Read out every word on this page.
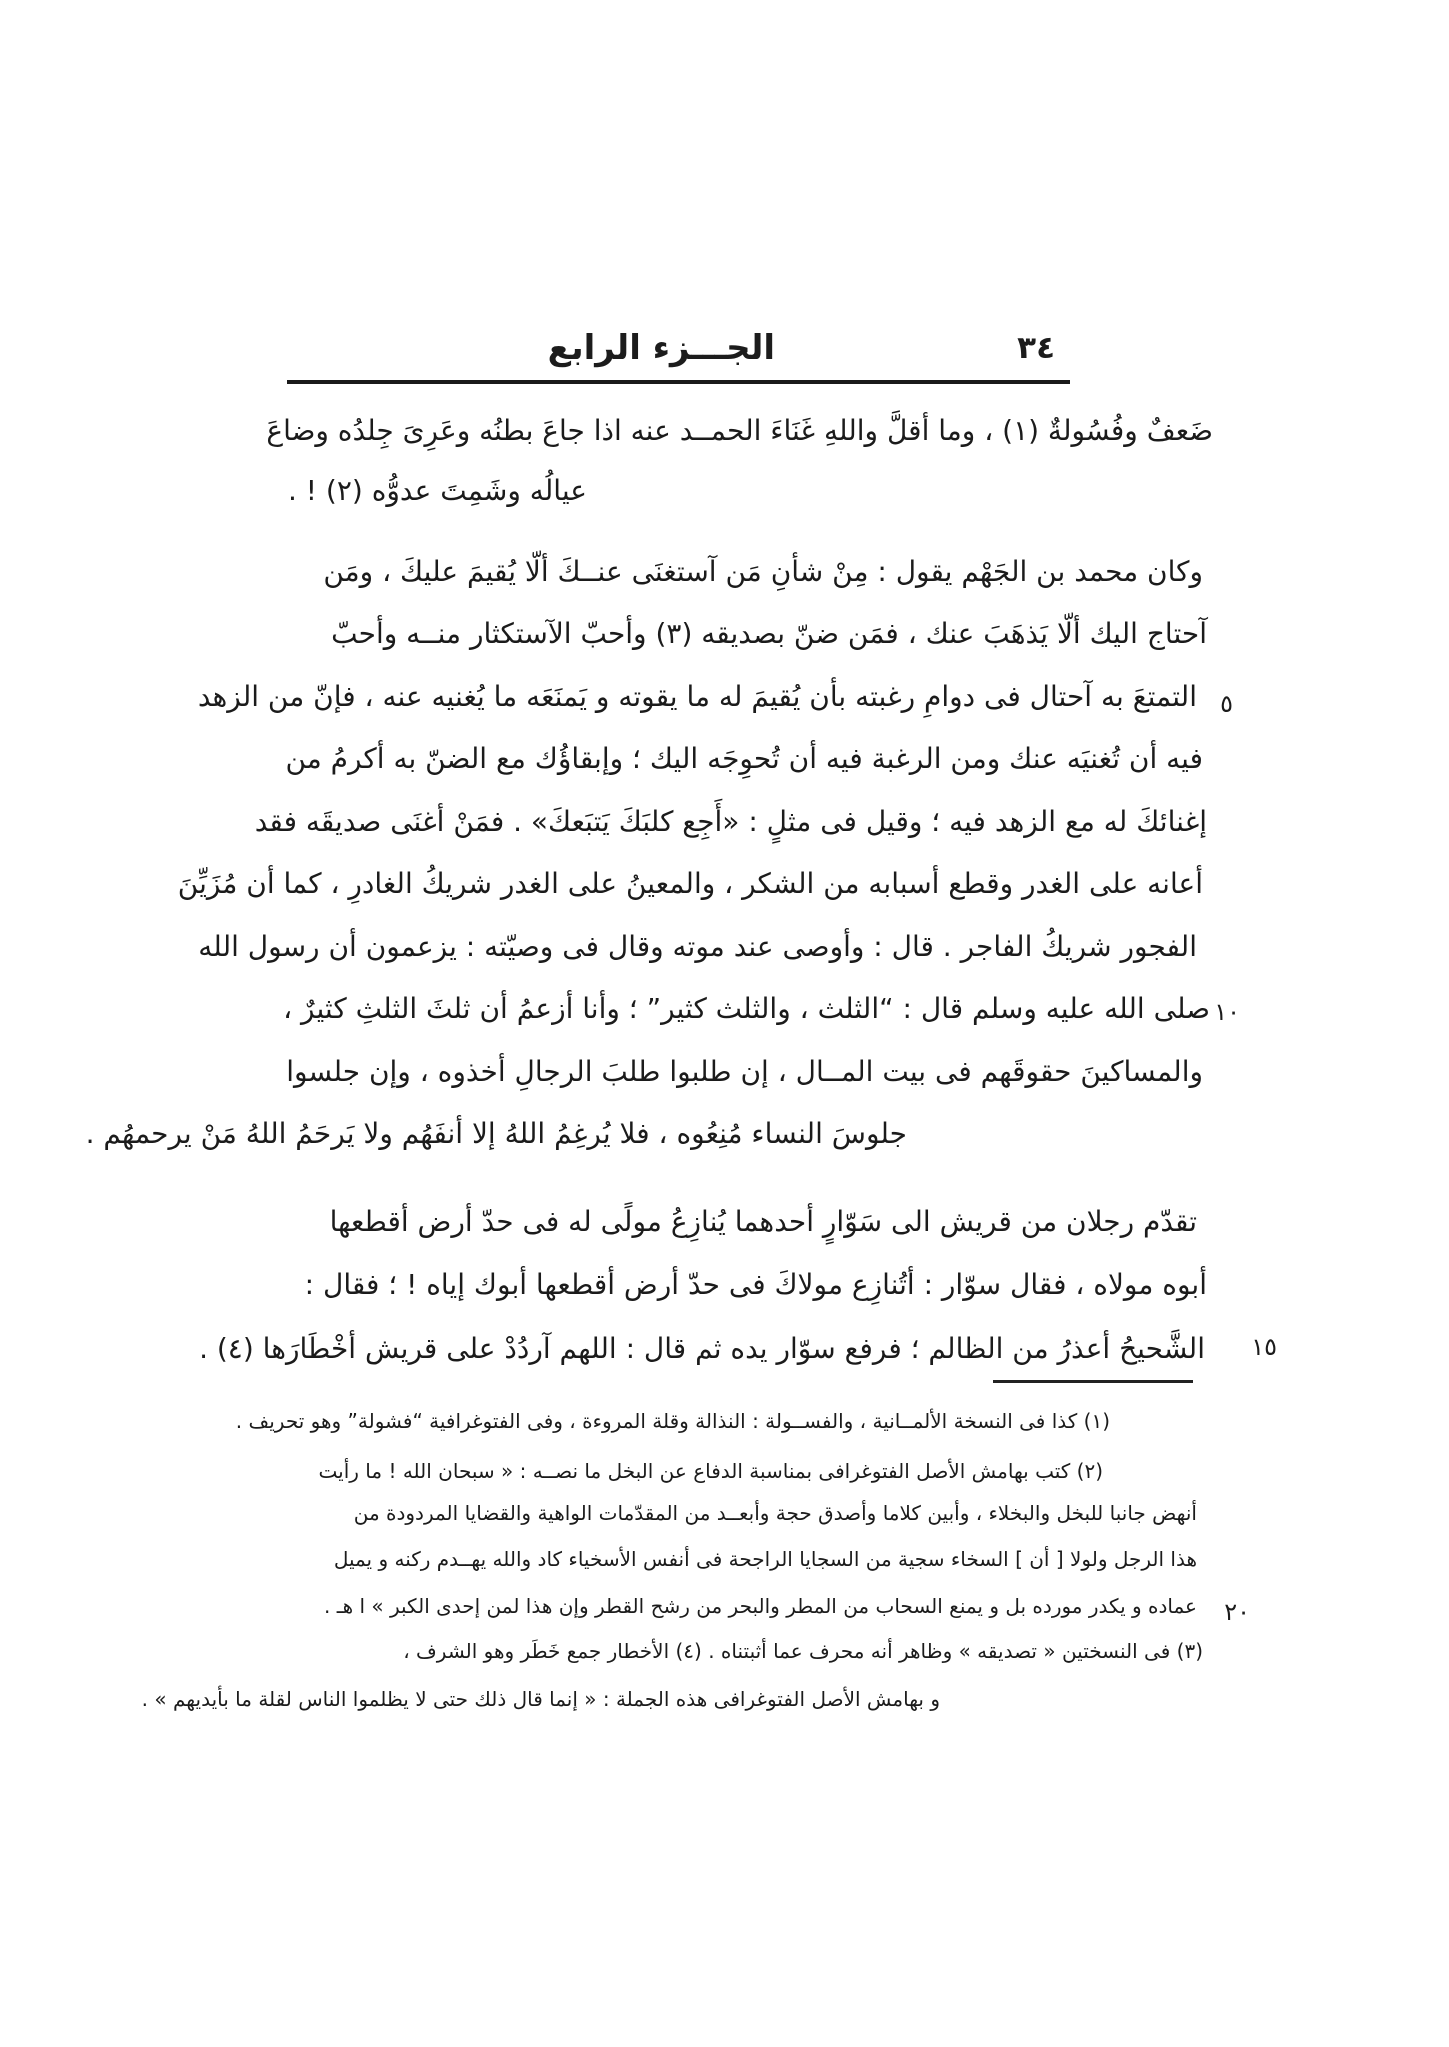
٣٤
الجـــزء الرابع
ضَعفٌ وفُسُولةٌ (١) ، وما أقلَّ واللهِ غَنَاءَ الحمــد عنه اذا جاعَ بطنُه وعَرِىَ جِلدُه وضاعَ
عيالُه وشَمِتَ عدوُّه (٢) ! .
وكان محمد بن الجَهْم يقول : مِنْ شأنِ مَن آستغنَى عنــكَ ألّا يُقيمَ عليكَ ، ومَن
آحتاج اليك ألّا يَذهَبَ عنك ، فمَن ضنّ بصديقه (٣) وأحبّ الآستكثار منــه وأحبّ
التمتعَ به آحتال فى دوامِ رغبته بأن يُقيمَ له ما يقوته و يَمنَعَه ما يُغنيه عنه ، فإنّ من الزهد
فيه أن تُغنيَه عنك ومن الرغبة فيه أن تُحوِجَه اليك ؛ وإبقاؤُك مع الضنّ به أكرمُ من
إغنائكَ له مع الزهد فيه ؛ وقيل فى مثلٍ : «أَجِع كلبَكَ يَتبَعكَ» . فمَنْ أغنَى صديقَه فقد
أعانه على الغدر وقطع أسبابه من الشكر ، والمعينُ على الغدر شريكُ الغادرِ ، كما أن مُزَيِّنَ
الفجور شريكُ الفاجر . قال : وأوصى عند موته وقال فى وصيّته : يزعمون أن رسول الله
صلى الله عليه وسلم قال : “الثلث ، والثلث كثير” ؛ وأنا أزعمُ أن ثلثَ الثلثِ كثيرٌ ،
والمساكينَ حقوقَهم فى بيت المــال ، إن طلبوا طلبَ الرجالِ أخذوه ، وإن جلسوا
جلوسَ النساء مُنِعُوه ، فلا يُرغِمُ اللهُ إلا أنفَهُم ولا يَرحَمُ اللهُ مَنْ يرحمهُم .
تقدّم رجلان من قريش الى سَوّارٍ أحدهما يُنازِعُ مولًى له فى حدّ أرض أقطعها
أبوه مولاه ، فقال سوّار : أتُنازِع مولاكَ فى حدّ أرض أقطعها أبوك إياه ! ؛ فقال :
الشَّحيحُ أعذرُ من الظالم ؛ فرفع سوّار يده ثم قال : اللهم آردُدْ على قريش أخْطَارَها (٤) .
٥
١٠
١٥
٢٠
(١) كذا فى النسخة الألمــانية ، والفســولة : النذالة وقلة المروءة ، وفى الفتوغرافية “فشولة” وهو تحريف .
(٢) كتب بهامش الأصل الفتوغرافى بمناسبة الدفاع عن البخل ما نصــه : « سبحان الله ! ما رأيت
أنهض جانبا للبخل والبخلاء ، وأبين كلاما وأصدق حجة وأبعــد من المقدّمات الواهية والقضايا المردودة من
هذا الرجل ولولا [ أن ] السخاء سجية من السجايا الراجحة فى أنفس الأسخياء كاد والله يهــدم ركنه و يميل
عماده و يكدر مورده بل و يمنع السحاب من المطر والبحر من رشح القطر وإن هذا لمن إحدى الكبر » ا هـ .
(٣) فى النسختين « تصديقه » وظاهر أنه محرف عما أثبتناه . (٤) الأخطار جمع خَطَر وهو الشرف ،
و بهامش الأصل الفتوغرافى هذه الجملة : « إنما قال ذلك حتى لا يظلموا الناس لقلة ما بأيديهم » .
